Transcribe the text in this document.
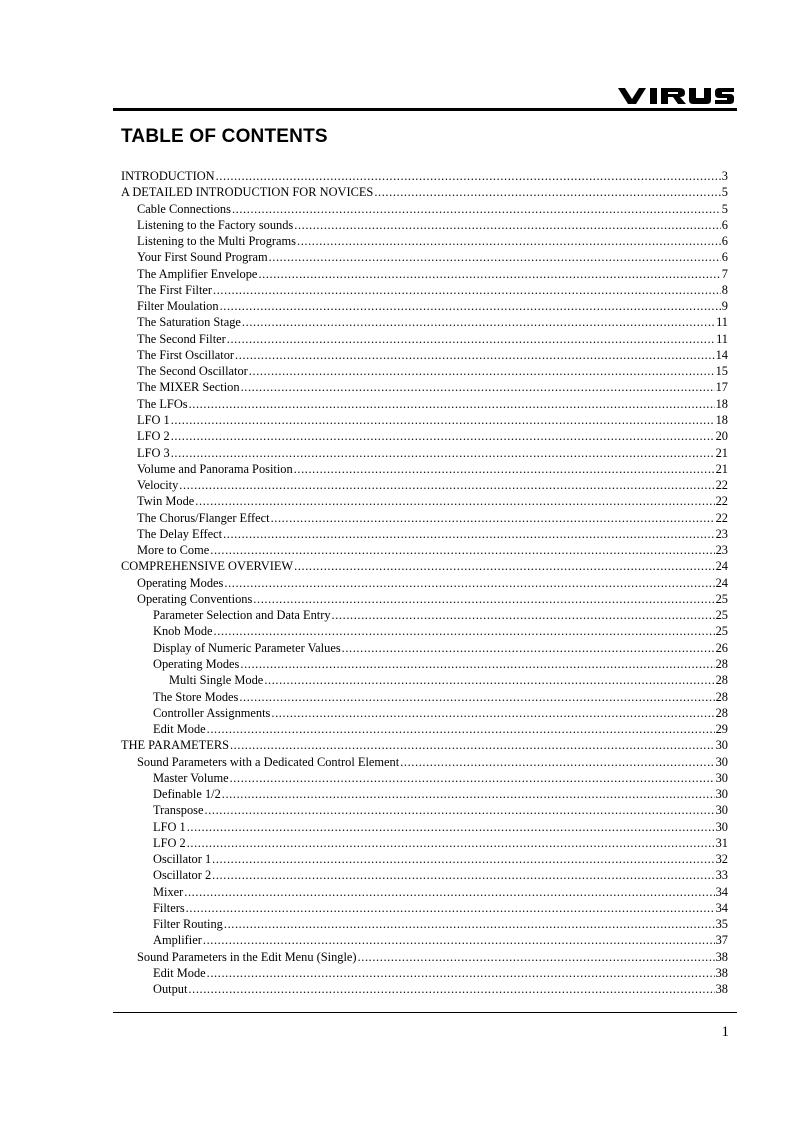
TABLE OF CONTENTS
INTRODUCTION .....	3
A DETAILED INTRODUCTION FOR NOVICES .....	5
Cable Connections .....	5
Listening to the Factory sounds .....	6
Listening to the Multi Programs .....	6
Your First Sound Program .....	6
The Amplifier Envelope .....	7
The First Filter .....	8
Filter Moulation .....	9
The Saturation Stage .....	11
The Second Filter .....	11
The First Oscillator .....	14
The Second Oscillator .....	15
The MIXER Section .....	17
The LFOs .....	18
LFO 1 .....	18
LFO 2 .....	20
LFO 3 .....	21
Volume and Panorama Position .....	21
Velocity .....	22
Twin Mode .....	22
The Chorus/Flanger Effect .....	22
The Delay Effect .....	23
More to Come .....	23
COMPREHENSIVE OVERVIEW .....	24
Operating Modes .....	24
Operating Conventions .....	25
Parameter Selection and Data Entry .....	25
Knob Mode .....	25
Display of Numeric Parameter Values .....	26
Operating Modes .....	28
Multi Single Mode .....	28
The Store Modes .....	28
Controller Assignments .....	28
Edit Mode .....	29
THE PARAMETERS .....	30
Sound Parameters with a Dedicated Control Element .....	30
Master Volume .....	30
Definable 1/2 .....	30
Transpose .....	30
LFO 1 .....	30
LFO 2 .....	31
Oscillator 1 .....	32
Oscillator 2 .....	33
Mixer .....	34
Filters .....	34
Filter Routing .....	35
Amplifier .....	37
Sound Parameters in the Edit Menu (Single) .....	38
Edit Mode .....	38
Output .....	38
1
